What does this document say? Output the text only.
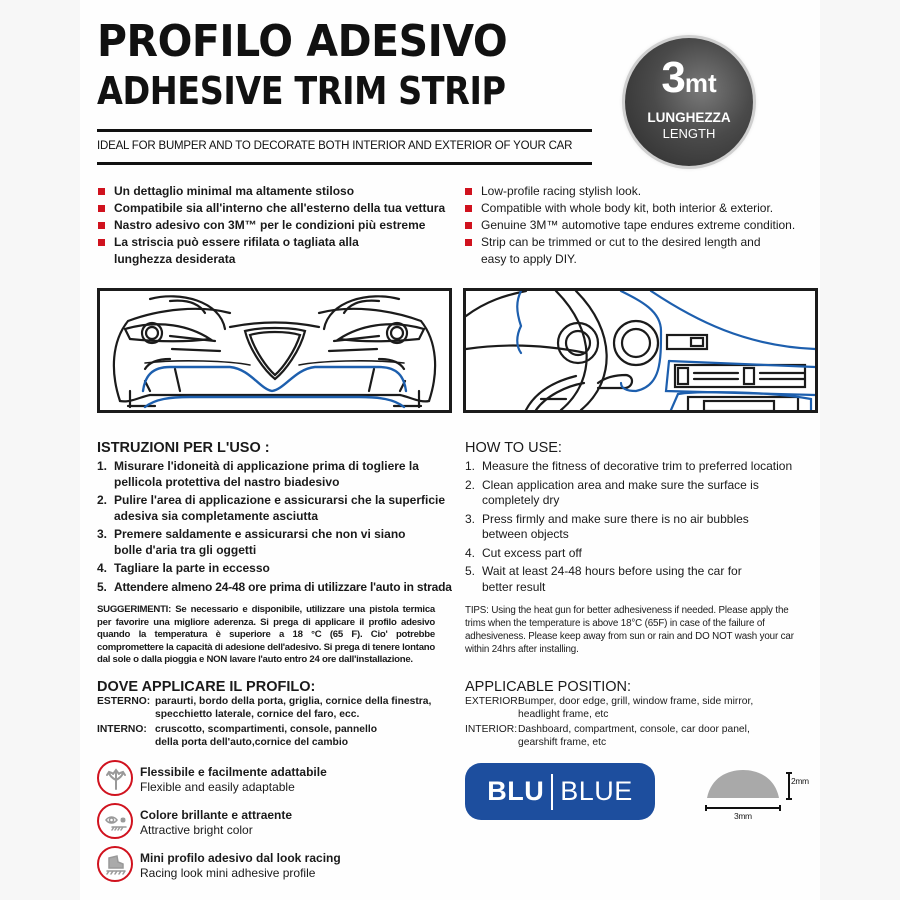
PROFILO ADESIVO
ADHESIVE TRIM STRIP
IDEAL FOR BUMPER AND TO DECORATE BOTH INTERIOR AND EXTERIOR OF YOUR CAR
3mt
LUNGHEZZA
LENGTH
Un dettaglio minimal ma altamente stiloso
Compatibile sia all'interno che all'esterno della tua vettura
Nastro adesivo con 3M™ per le condizioni più estreme
La striscia può essere rifilata o tagliata alla lunghezza desiderata
Low-profile racing stylish look.
Compatible with whole body kit, both interior & exterior.
Genuine 3M™ automotive tape endures extreme condition.
Strip can be trimmed or cut to the desired length and easy to apply DIY.
ISTRUZIONI PER L'USO :
1. Misurare l'idoneità di applicazione prima di togliere la pellicola protettiva del nastro biadesivo
2. Pulire l'area di applicazione e assicurarsi che la superficie adesiva sia completamente asciutta
3. Premere saldamente e assicurarsi che non vi siano bolle d'aria tra gli oggetti
4. Tagliare la parte in eccesso
5. Attendere almeno 24-48 ore prima di utilizzare l'auto in strada
HOW TO USE:
1. Measure the fitness of decorative trim to preferred location
2. Clean application area and make sure the surface is completely dry
3. Press firmly and make sure there is no air bubbles between objects
4. Cut excess part off
5. Wait at least 24-48 hours before using the car for better result
SUGGERIMENTI: Se necessario e disponibile, utilizzare una pistola termica per favorire una migliore aderenza. Si prega di applicare il profilo adesivo quando la temperatura è superiore a 18 °C (65 F). Cio' potrebbe compromettere la capacità di adesione dell'adesivo. Si prega di tenere lontano dal sole o dalla pioggia e NON lavare l'auto entro 24 ore dall'installazione.
TIPS: Using the heat gun for better adhesiveness if needed. Please apply the trims when the temperature is above 18°C (65F) in case of the failure of adhesiveness. Please keep away from sun or rain and DO NOT wash your car within 24hrs after installing.
DOVE APPLICARE IL PROFILO:
ESTERNO: paraurti, bordo della porta, griglia, cornice della finestra, specchietto laterale, cornice del faro, ecc.
INTERNO: cruscotto, scompartimenti, console, pannello della porta dell'auto,cornice del cambio
APPLICABLE POSITION:
EXTERIOR:
Bumper, door edge, grill, window frame, side mirror, headlight frame, etc
INTERIOR: Dashboard, compartment, console, car door panel, gearshift frame, etc
Flessibile e facilmente adattabile
Flexible and easily adaptable
Colore brillante e attraente
Attractive bright color
Mini profilo adesivo dal look racing
Racing look mini adhesive profile
BLU BLUE	2mm
3mm
